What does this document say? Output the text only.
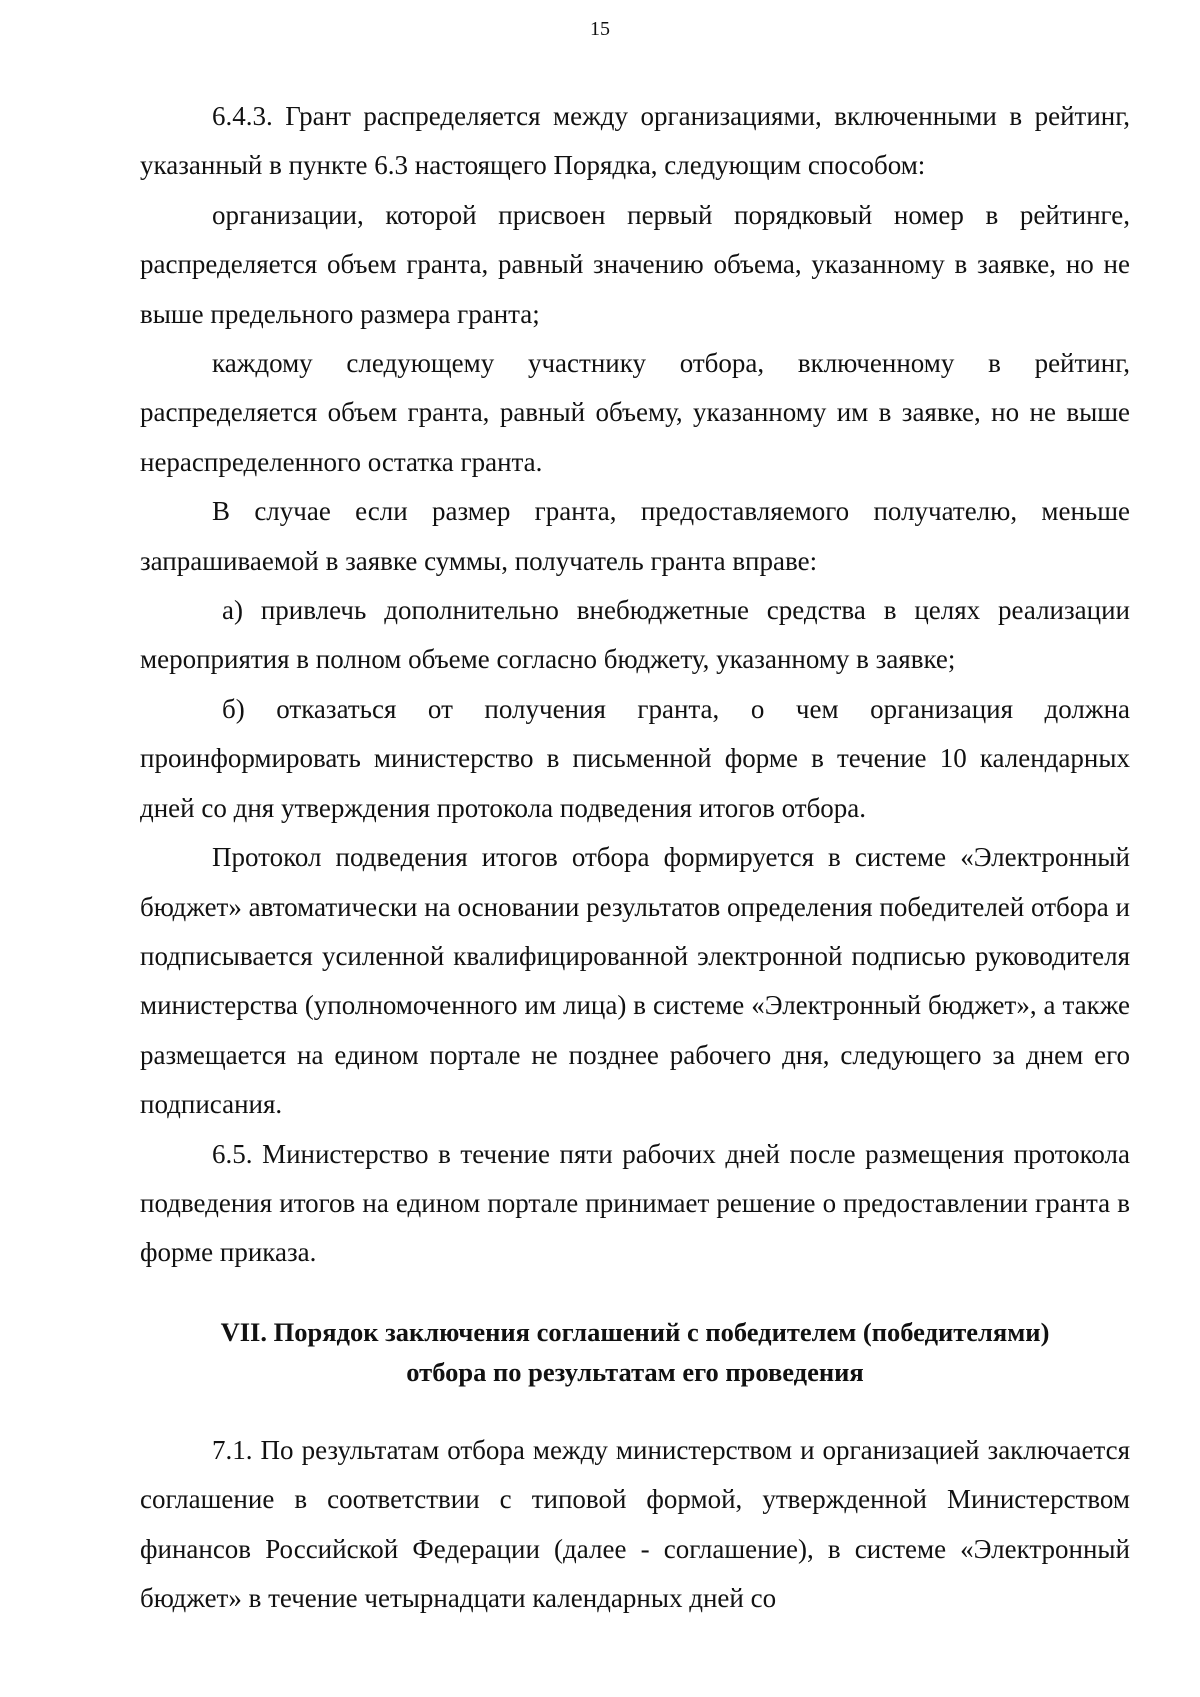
15

6.4.3. Грант распределяется между организациями, включенными в рейтинг, указанный в пункте 6.3 настоящего Порядка, следующим способом:

организации, которой присвоен первый порядковый номер в рейтинге, распределяется объем гранта, равный значению объема, указанному в заявке, но не выше предельного размера гранта;

каждому следующему участнику отбора, включенному в рейтинг, распределяется объем гранта, равный объему, указанному им в заявке, но не выше нераспределенного остатка гранта.

В случае если размер гранта, предоставляемого получателю, меньше запрашиваемой в заявке суммы, получатель гранта вправе:

а) привлечь дополнительно внебюджетные средства в целях реализации мероприятия в полном объеме согласно бюджету, указанному в заявке;

б) отказаться от получения гранта, о чем организация должна проинформировать министерство в письменной форме в течение 10 календарных дней со дня утверждения протокола подведения итогов отбора.

Протокол подведения итогов отбора формируется в системе «Электронный бюджет» автоматически на основании результатов определения победителей отбора и подписывается усиленной квалифицированной электронной подписью руководителя министерства (уполномоченного им лица) в системе «Электронный бюджет», а также размещается на едином портале не позднее рабочего дня, следующего за днем его подписания.

6.5. Министерство в течение пяти рабочих дней после размещения протокола подведения итогов на едином портале принимает решение о предоставлении гранта в форме приказа.

VII. Порядок заключения соглашений с победителем (победителями)
отбора по результатам его проведения

7.1. По результатам отбора между министерством и организацией заключается соглашение в соответствии с типовой формой, утвержденной Министерством финансов Российской Федерации (далее - соглашение), в системе «Электронный бюджет» в течение четырнадцати календарных дней со
